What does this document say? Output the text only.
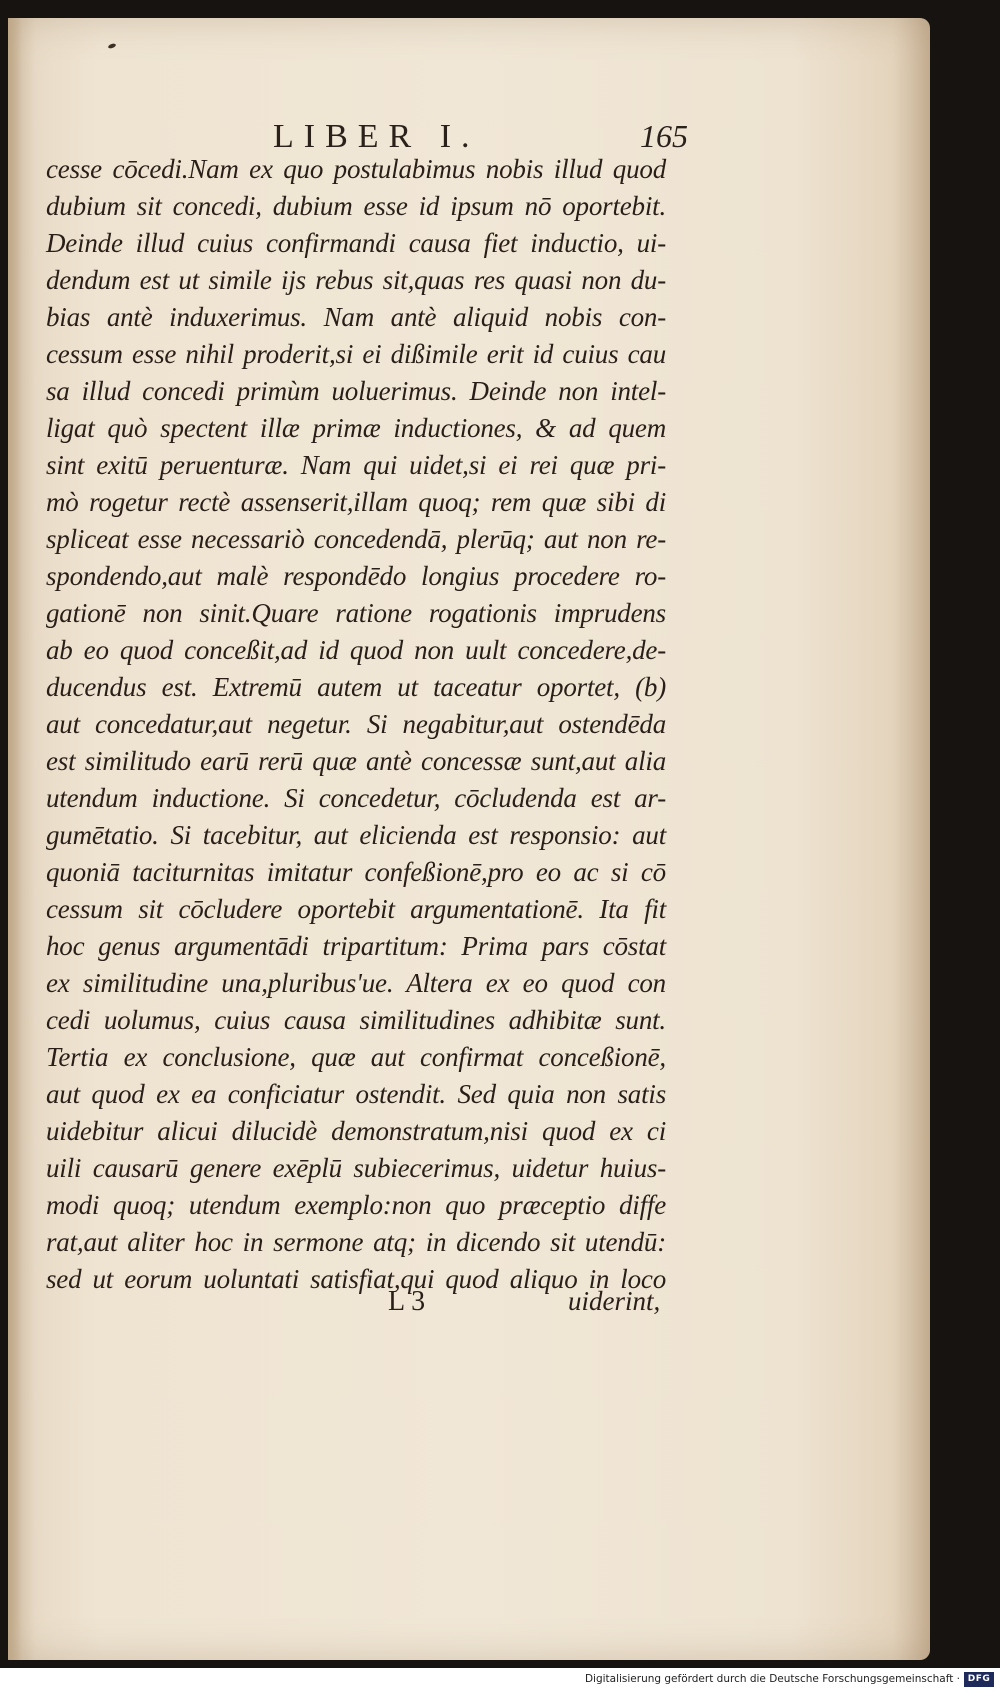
LIBER I.	165
cesse cōcedi.Nam ex quo postulabimus nobis illud quod
dubium sit concedi, dubium esse id ipsum nō oportebit.
Deinde illud cuius confirmandi causa fiet inductio, ui-
dendum est ut simile ijs rebus sit,quas res quasi non du-
bias antè induxerimus. Nam antè aliquid nobis con-
cessum esse nihil proderit,si ei dißimile erit id cuius cau
sa illud concedi primùm uoluerimus. Deinde non intel-
ligat quò spectent illæ primæ inductiones, & ad quem
sint exitū peruenturæ. Nam qui uidet,si ei rei quæ pri-
mò rogetur rectè assenserit,illam quoq; rem quæ sibi di
spliceat esse necessariò concedendā, plerūq; aut non re-
spondendo,aut malè respondēdo longius procedere ro-
gationē non sinit.Quare ratione rogationis imprudens
ab eo quod conceßit,ad id quod non uult concedere,de-
ducendus est. Extremū autem ut taceatur oportet, (b)
aut concedatur,aut negetur. Si negabitur,aut ostendēda
est similitudo earū rerū quæ antè concessæ sunt,aut alia
utendum inductione. Si concedetur, cōcludenda est ar-
gumētatio. Si tacebitur, aut elicienda est responsio: aut
quoniā taciturnitas imitatur confeßionē,pro eo ac si cō
cessum sit cōcludere oportebit argumentationē. Ita fit
hoc genus argumentādi tripartitum: Prima pars cōstat
ex similitudine una,pluribus'ue. Altera ex eo quod con
cedi uolumus, cuius causa similitudines adhibitæ sunt.
Tertia ex conclusione, quæ aut confirmat conceßionē,
aut quod ex ea conficiatur ostendit. Sed quia non satis
uidebitur alicui dilucidè demonstratum,nisi quod ex ci
uili causarū genere exēplū subiecerimus, uidetur huius-
modi quoq; utendum exemplo:non quo præceptio diffe
rat,aut aliter hoc in sermone atq; in dicendo sit utendū:
sed ut eorum uoluntati satisfiat,qui quod aliquo in loco
L 3	uiderint,
Digitalisierung gefördert durch die Deutsche Forschungsgemeinschaft · DFG
